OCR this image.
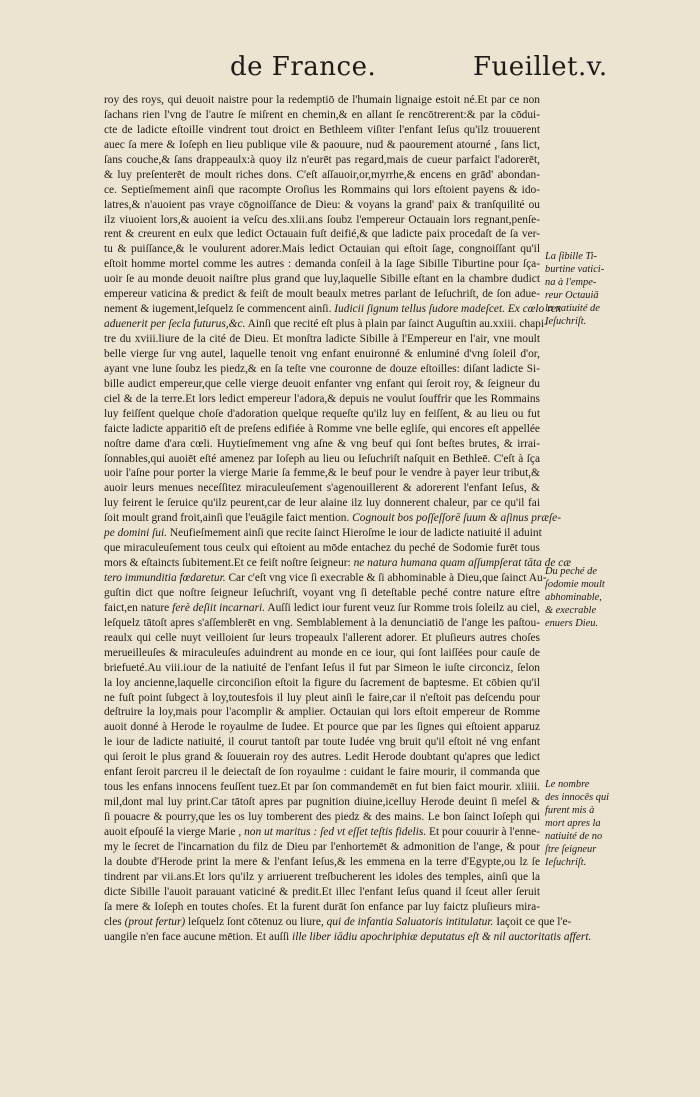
de France.	Fueillet.v.
roy des roys, qui deuoit naistre pour la redemptiō de l'humain lignaige estoit né.Et par ce non
ſachans rien l'vng de l'autre ſe miſrent en chemin,& en allant ſe rencōtrerent:& par la cōdui-
cte de ladicte eſtoille vindrent tout droict en Bethleem viſiter l'enfant Ieſus qu'ilz trouuerent
auec ſa mere & Ioſeph en lieu publique vile & paouure, nud & paourement atourné , ſans lict,
ſans couche,& ſans drappeaulx:à quoy ilz n'eurēt pas regard,mais de cueur parfaict l'adorerēt,
& luy preſenterēt de moult riches dons. C'eſt aſſauoir,or,myrrhe,& encens en grād' abondan-
ce. Septieſmement ainſi que racompte Oroſius les Rommains qui lors eſtoient payens & ido-
latres,& n'auoient pas vraye cōgnoiſſance de Dieu: & voyans la grand' paix & tranſquilité ou
ilz viuoient lors,& auoient ia veſcu des.xlii.ans ſoubz l'empereur Octauain lors regnant,penſe-
rent & creurent en eulx que ledict Octauain fuſt deifié,& que ladicte paix procedaſt de ſa ver-
tu & puiſſance,& le voulurent adorer.Mais ledict Octauian qui eſtoit ſage, congnoiſſant qu'il
eſtoit homme mortel comme les autres : demanda conſeil à la ſage Sibille Tiburtine pour ſça-
uoir ſe au monde deuoit naiſtre plus grand que luy,laquelle Sibille eſtant en la chambre dudict
empereur vaticina & predict & feiſt de moult beaulx metres parlant de Ieſuchriſt, de ſon adue-
nement & iugement,leſquelz ſe commencent ainſi. Iudicii ſignum tellus ſudore madeſcet. Ex cœlo rex
aduenerit per ſecla futurus,&c. Ainſi que recité eſt plus à plain par ſainct Auguſtin au.xxiii. chapi-
tre du xviii.liure de la cité de Dieu. Et monſtra ladicte Sibille à l'Empereur en l'air, vne moult
belle vierge ſur vng autel, laquelle tenoit vng enfant enuironné & enluminé d'vng ſoleil d'or,
ayant vne lune ſoubz les piedz,& en ſa teſte vne couronne de douze eſtoilles: diſant ladicte Si-
bille audict empereur,que celle vierge deuoit enfanter vng enfant qui ſeroit roy, & ſeigneur du
ciel & de la terre.Et lors ledict empereur l'adora,& depuis ne voulut ſouffrir que les Rommains
luy feiſſent quelque choſe d'adoration quelque requeſte qu'ilz luy en feiſſent, & au lieu ou fut
faicte ladicte apparitiō eſt de preſens edifiée à Romme vne belle egliſe, qui encores eſt appellée
noſtre dame d'ara cœli. Huytieſmement vng aſne & vng beuf qui ſont beſtes brutes, & irrai-
ſonnables,qui auoiēt eſté amenez par Ioſeph au lieu ou Ieſuchriſt naſquit en Bethleē. C'eſt à ſça
uoir l'aſne pour porter la vierge Marie ſa femme,& le beuf pour le vendre à payer leur tribut,&
auoir leurs menues neceſſitez miraculeuſement s'agenouillerent & adorerent l'enfant Ieſus, &
luy feirent le ſeruice qu'ilz peurent,car de leur alaine ilz luy donnerent chaleur, par ce qu'il fai
ſoit moult grand froit,ainſi que l'euāgile faict mention. Cognouit bos poſſeſſorē ſuum & aſinus præſe-
pe domini ſui. Neufieſmement ainſi que recite ſainct Hieroſme le iour de ladicte natiuité il aduint
que miraculeuſement tous ceulx qui eſtoient au mōde entachez du peché de Sodomie furēt tous
mors & eſtaincts ſubitement.Et ce feiſt noſtre ſeigneur: ne natura humana quam aſſumpſerat tāta de cæ
tero immunditia fœdaretur. Car c'eſt vng vice ſi execrable & ſi abhominable à Dieu,que ſainct Au-
guſtin dict que noſtre ſeigneur Ieſuchriſt, voyant vng ſi deteſtable peché contre nature eſtre
faict,en nature ferè deſiit incarnari. Auſſi ledict iour furent veuz ſur Romme trois ſoleilz au ciel,
leſquelz tātoſt apres s'aſſemblerēt en vng. Semblablement à la denunciatiō de l'ange les paſtou-
reaulx qui celle nuyt veilloient ſur leurs tropeaulx l'allerent adorer. Et pluſieurs autres choſes
merueilleuſes & miraculeuſes aduindrent au monde en ce iour, qui ſont laiſſées pour cauſe de
briefueté.Au viii.iour de la natiuité de l'enfant Ieſus il fut par Simeon le iuſte circonciz, ſelon
la loy ancienne,laquelle circonciſion eſtoit la figure du ſacrement de baptesme. Et cōbien qu'il
ne fuſt point ſubgect à loy,toutesfois il luy pleut ainſi le faire,car il n'eſtoit pas deſcendu pour
deſtruire la loy,mais pour l'acomplir & amplier. Octauian qui lors eſtoit empereur de Romme
auoit donné à Herode le royaulme de Iudee. Et pource que par les ſignes qui eſtoient apparuz
le iour de ladicte natiuité, il courut tantoſt par toute Iudée vng bruit qu'il eſtoit né vng enfant
qui ſeroit le plus grand & ſouuerain roy des autres. Ledit Herode doubtant qu'apres que ledict
enfant ſeroit parcreu il le deiectaſt de ſon royaulme : cuidant le faire mourir, il commanda que
tous les enfans innocens feuſſent tuez.Et par ſon commandemēt en fut bien faict mourir. xliiii.
mil,dont mal luy print.Car tātoſt apres par pugnition diuine,icelluy Herode deuint ſi meſel &
ſi pouacre & pourry,que les os luy tomberent des piedz & des mains. Le bon ſainct Ioſeph qui
auoit eſpouſé la vierge Marie , non ut maritus : ſed vt eſſet teſtis fidelis. Et pour couurir à l'enne-
my le ſecret de l'incarnation du filz de Dieu par l'enhortemēt & admonition de l'ange, & pour
la doubte d'Herode print la mere & l'enfant Ieſus,& les emmena en la terre d'Egypte,ou lz ſe
tindrent par vii.ans.Et lors qu'ilz y arriuerent treſbucherent les idoles des temples, ainſi que la
dicte Sibille l'auoit parauant vaticiné & predit.Et illec l'enfant Ieſus quand il ſceut aller ſeruit
ſa mere & Ioſeph en toutes choſes. Et la furent durāt ſon enfance par luy faictz pluſieurs mira-
cles (prout fertur) leſquelz ſont cōtenuz ou liure, qui de infantia Saluatoris intitulatur. Iaçoit ce que l'e-
uangile n'en face aucune mētion. Et auſſi ille liber iādiu apochriphiæ deputatus eſt & nil auctoritatis affert.
La ſibille Ti-
burtine vatici-
na à l'empe-
reur Octauiā
la natiuité de
Ieſuchriſt.
Du peché de
ſodomie moult
abhominable,
& execrable
enuers Dieu.
Le nombre
des innocēs qui
furent mis à
mort apres la
natiuité de no
ſtre ſeigneur
Ieſuchriſt.
